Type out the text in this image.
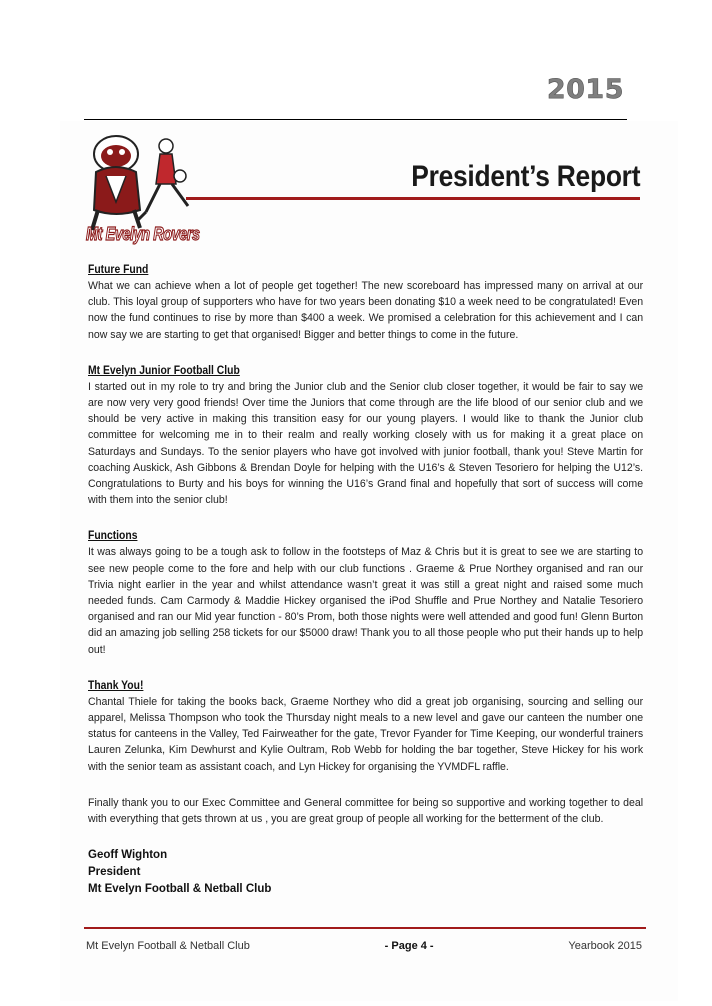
2015
Mt Evelyn Rovers
President’s Report
Future Fund

What we can achieve when a lot of people get together! The new scoreboard has impressed many on arrival at our club. This loyal group of supporters who have for two years been donating $10 a week need to be congratulated! Even now the fund continues to rise by more than $400 a week. We promised a celebration for this achievement and I can now say we are starting to get that organised! Bigger and better things to come in the future.

Mt Evelyn Junior Football Club

I started out in my role to try and bring the Junior club and the Senior club closer together, it would be fair to say we are now very very good friends! Over time the Juniors that come through are the life blood of our senior club and we should be very active in making this transition easy for our young players. I would like to thank the Junior club committee for welcoming me in to their realm and really working closely with us for making it a great place on Saturdays and Sundays. To the senior players who have got involved with junior football, thank you! Steve Martin for coaching Auskick, Ash Gibbons & Brendan Doyle for helping with the U16’s & Steven Tesoriero for helping the U12’s. Congratulations to Burty and his boys for winning the U16’s Grand final and hopefully that sort of success will come with them into the senior club!

Functions

It was always going to be a tough ask to follow in the footsteps of Maz & Chris but it is great to see we are starting to see new people come to the fore and help with our club functions . Graeme & Prue Northey organised and ran our Trivia night earlier in the year and whilst attendance wasn’t great it was still a great night and raised some much needed funds. Cam Carmody & Maddie Hickey organised the iPod Shuffle and Prue Northey and Natalie Tesoriero organised and ran our Mid year function - 80’s Prom, both those nights were well attended and good fun! Glenn Burton did an amazing job selling 258 tickets for our $5000 draw! Thank you to all those people who put their hands up to help out!

Thank You!

Chantal Thiele for taking the books back, Graeme Northey who did a great job organising, sourcing and selling our apparel, Melissa Thompson who took the Thursday night meals to a new level and gave our canteen the number one status for canteens in the Valley, Ted Fairweather for the gate, Trevor Fyander for Time Keeping, our wonderful trainers Lauren Zelunka, Kim Dewhurst and Kylie Oultram, Rob Webb for holding the bar together, Steve Hickey for his work with the senior team as assistant coach, and Lyn Hickey for organising the YVMDFL raffle.

Finally thank you to our Exec Committee and General committee for being so supportive and working together to deal with everything that gets thrown at us , you are great group of people all working for the betterment of the club.

Geoff Wighton
President
Mt Evelyn Football & Netball Club
Mt Evelyn Football & Netball Club	- Page 4 -	Yearbook 2015
